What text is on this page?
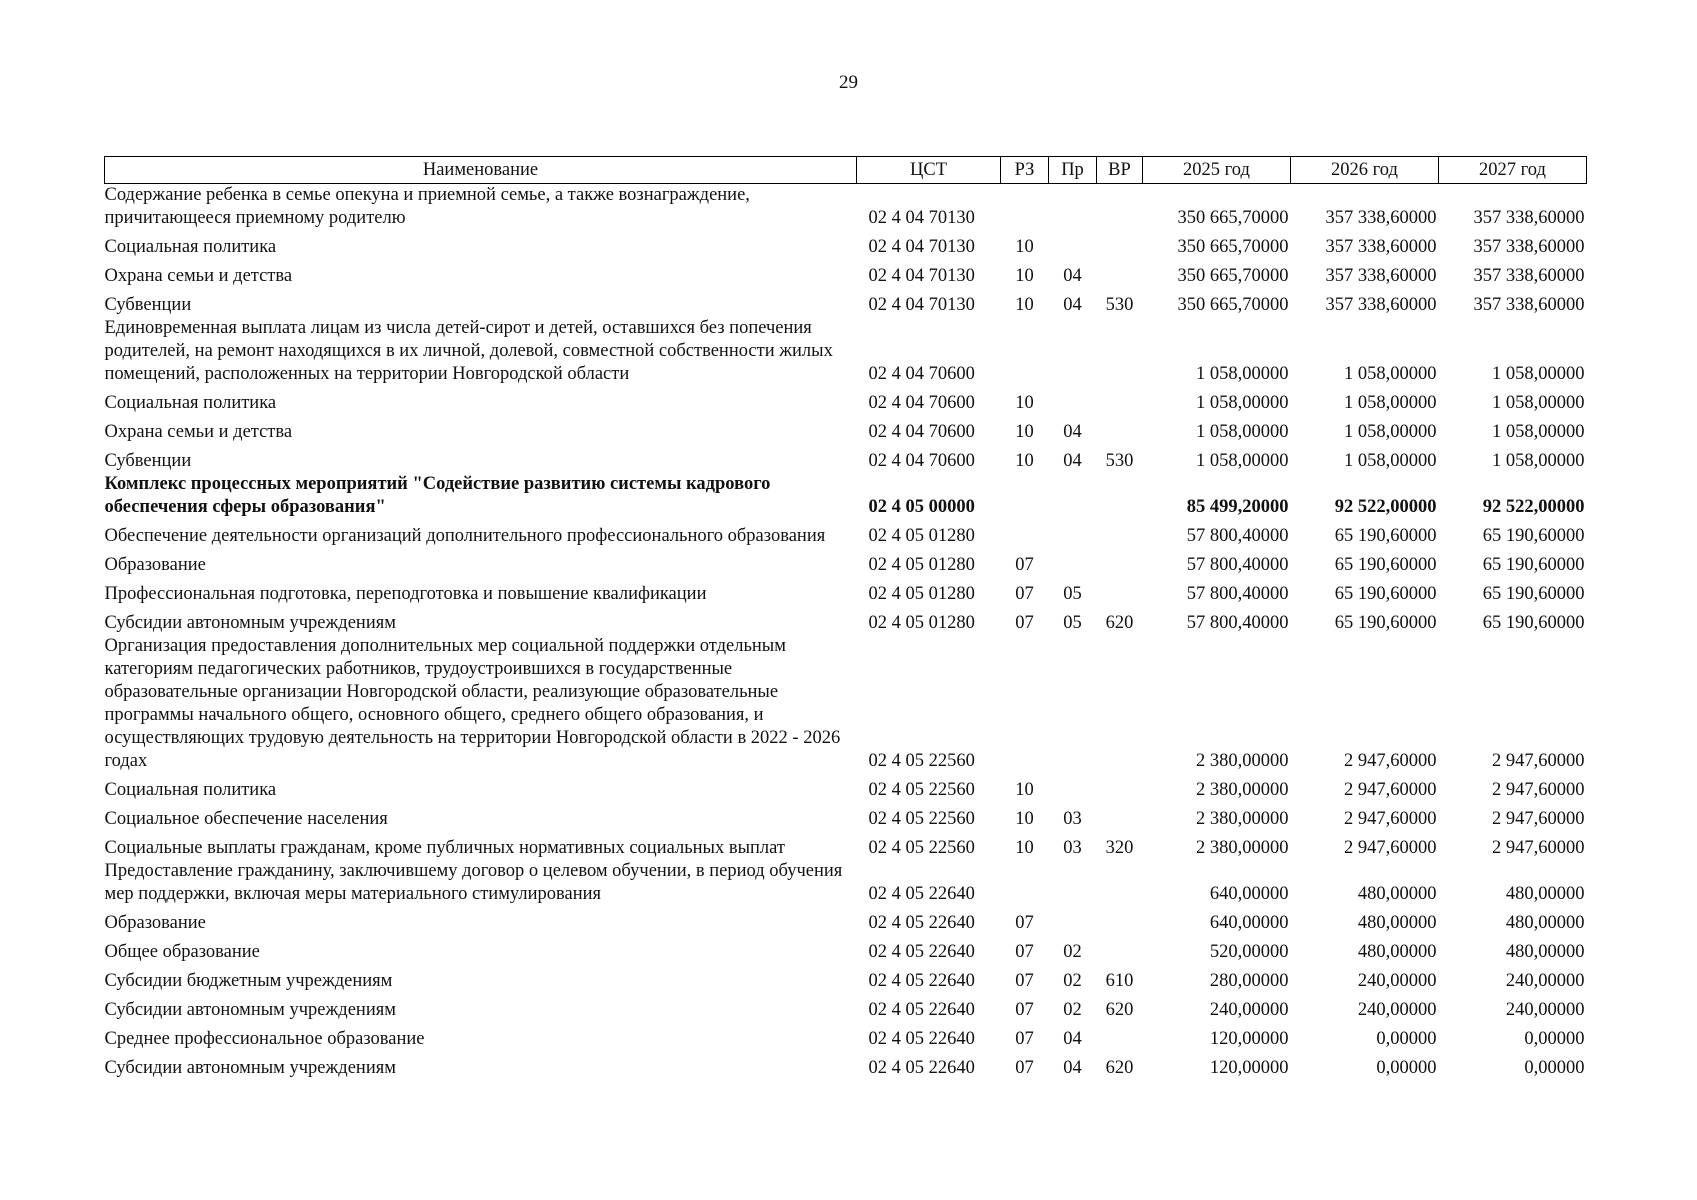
29
Наименование	ЦСТ	РЗ	Пр	ВР	2025 год	2026 год	2027 год
Содержание ребенка в семье опекуна и приемной семье, а также вознаграждение, причитающееся приемному родителю	02 4 04 70130				350 665,70000	357 338,60000	357 338,60000
Социальная политика	02 4 04 70130	10			350 665,70000	357 338,60000	357 338,60000
Охрана семьи и детства	02 4 04 70130	10	04		350 665,70000	357 338,60000	357 338,60000
Субвенции	02 4 04 70130	10	04	530	350 665,70000	357 338,60000	357 338,60000
Единовременная выплата лицам из числа детей-сирот и детей, оставшихся без попечения родителей, на ремонт находящихся в их личной, долевой, совместной собственности жилых помещений, расположенных на территории Новгородской области	02 4 04 70600				1 058,00000	1 058,00000	1 058,00000
Социальная политика	02 4 04 70600	10			1 058,00000	1 058,00000	1 058,00000
Охрана семьи и детства	02 4 04 70600	10	04		1 058,00000	1 058,00000	1 058,00000
Субвенции	02 4 04 70600	10	04	530	1 058,00000	1 058,00000	1 058,00000
Комплекс процессных мероприятий "Содействие развитию системы кадрового обеспечения сферы образования"	02 4 05 00000				85 499,20000	92 522,00000	92 522,00000
Обеспечение деятельности организаций дополнительного профессионального образования	02 4 05 01280				57 800,40000	65 190,60000	65 190,60000
Образование	02 4 05 01280	07			57 800,40000	65 190,60000	65 190,60000
Профессиональная подготовка, переподготовка и повышение квалификации	02 4 05 01280	07	05		57 800,40000	65 190,60000	65 190,60000
Субсидии автономным учреждениям	02 4 05 01280	07	05	620	57 800,40000	65 190,60000	65 190,60000
Организация предоставления дополнительных мер социальной поддержки отдельным категориям педагогических работников, трудоустроившихся в государственные образовательные организации Новгородской области, реализующие образовательные программы начального общего, основного общего, среднего общего образования, и осуществляющих трудовую деятельность на территории Новгородской области в 2022 - 2026 годах	02 4 05 22560				2 380,00000	2 947,60000	2 947,60000
Социальная политика	02 4 05 22560	10			2 380,00000	2 947,60000	2 947,60000
Социальное обеспечение населения	02 4 05 22560	10	03		2 380,00000	2 947,60000	2 947,60000
Социальные выплаты гражданам, кроме публичных нормативных социальных выплат	02 4 05 22560	10	03	320	2 380,00000	2 947,60000	2 947,60000
Предоставление гражданину, заключившему договор о целевом обучении, в период обучения мер поддержки, включая меры материального стимулирования	02 4 05 22640				640,00000	480,00000	480,00000
Образование	02 4 05 22640	07			640,00000	480,00000	480,00000
Общее образование	02 4 05 22640	07	02		520,00000	480,00000	480,00000
Субсидии бюджетным учреждениям	02 4 05 22640	07	02	610	280,00000	240,00000	240,00000
Субсидии автономным учреждениям	02 4 05 22640	07	02	620	240,00000	240,00000	240,00000
Среднее профессиональное образование	02 4 05 22640	07	04		120,00000	0,00000	0,00000
Субсидии автономным учреждениям	02 4 05 22640	07	04	620	120,00000	0,00000	0,00000
